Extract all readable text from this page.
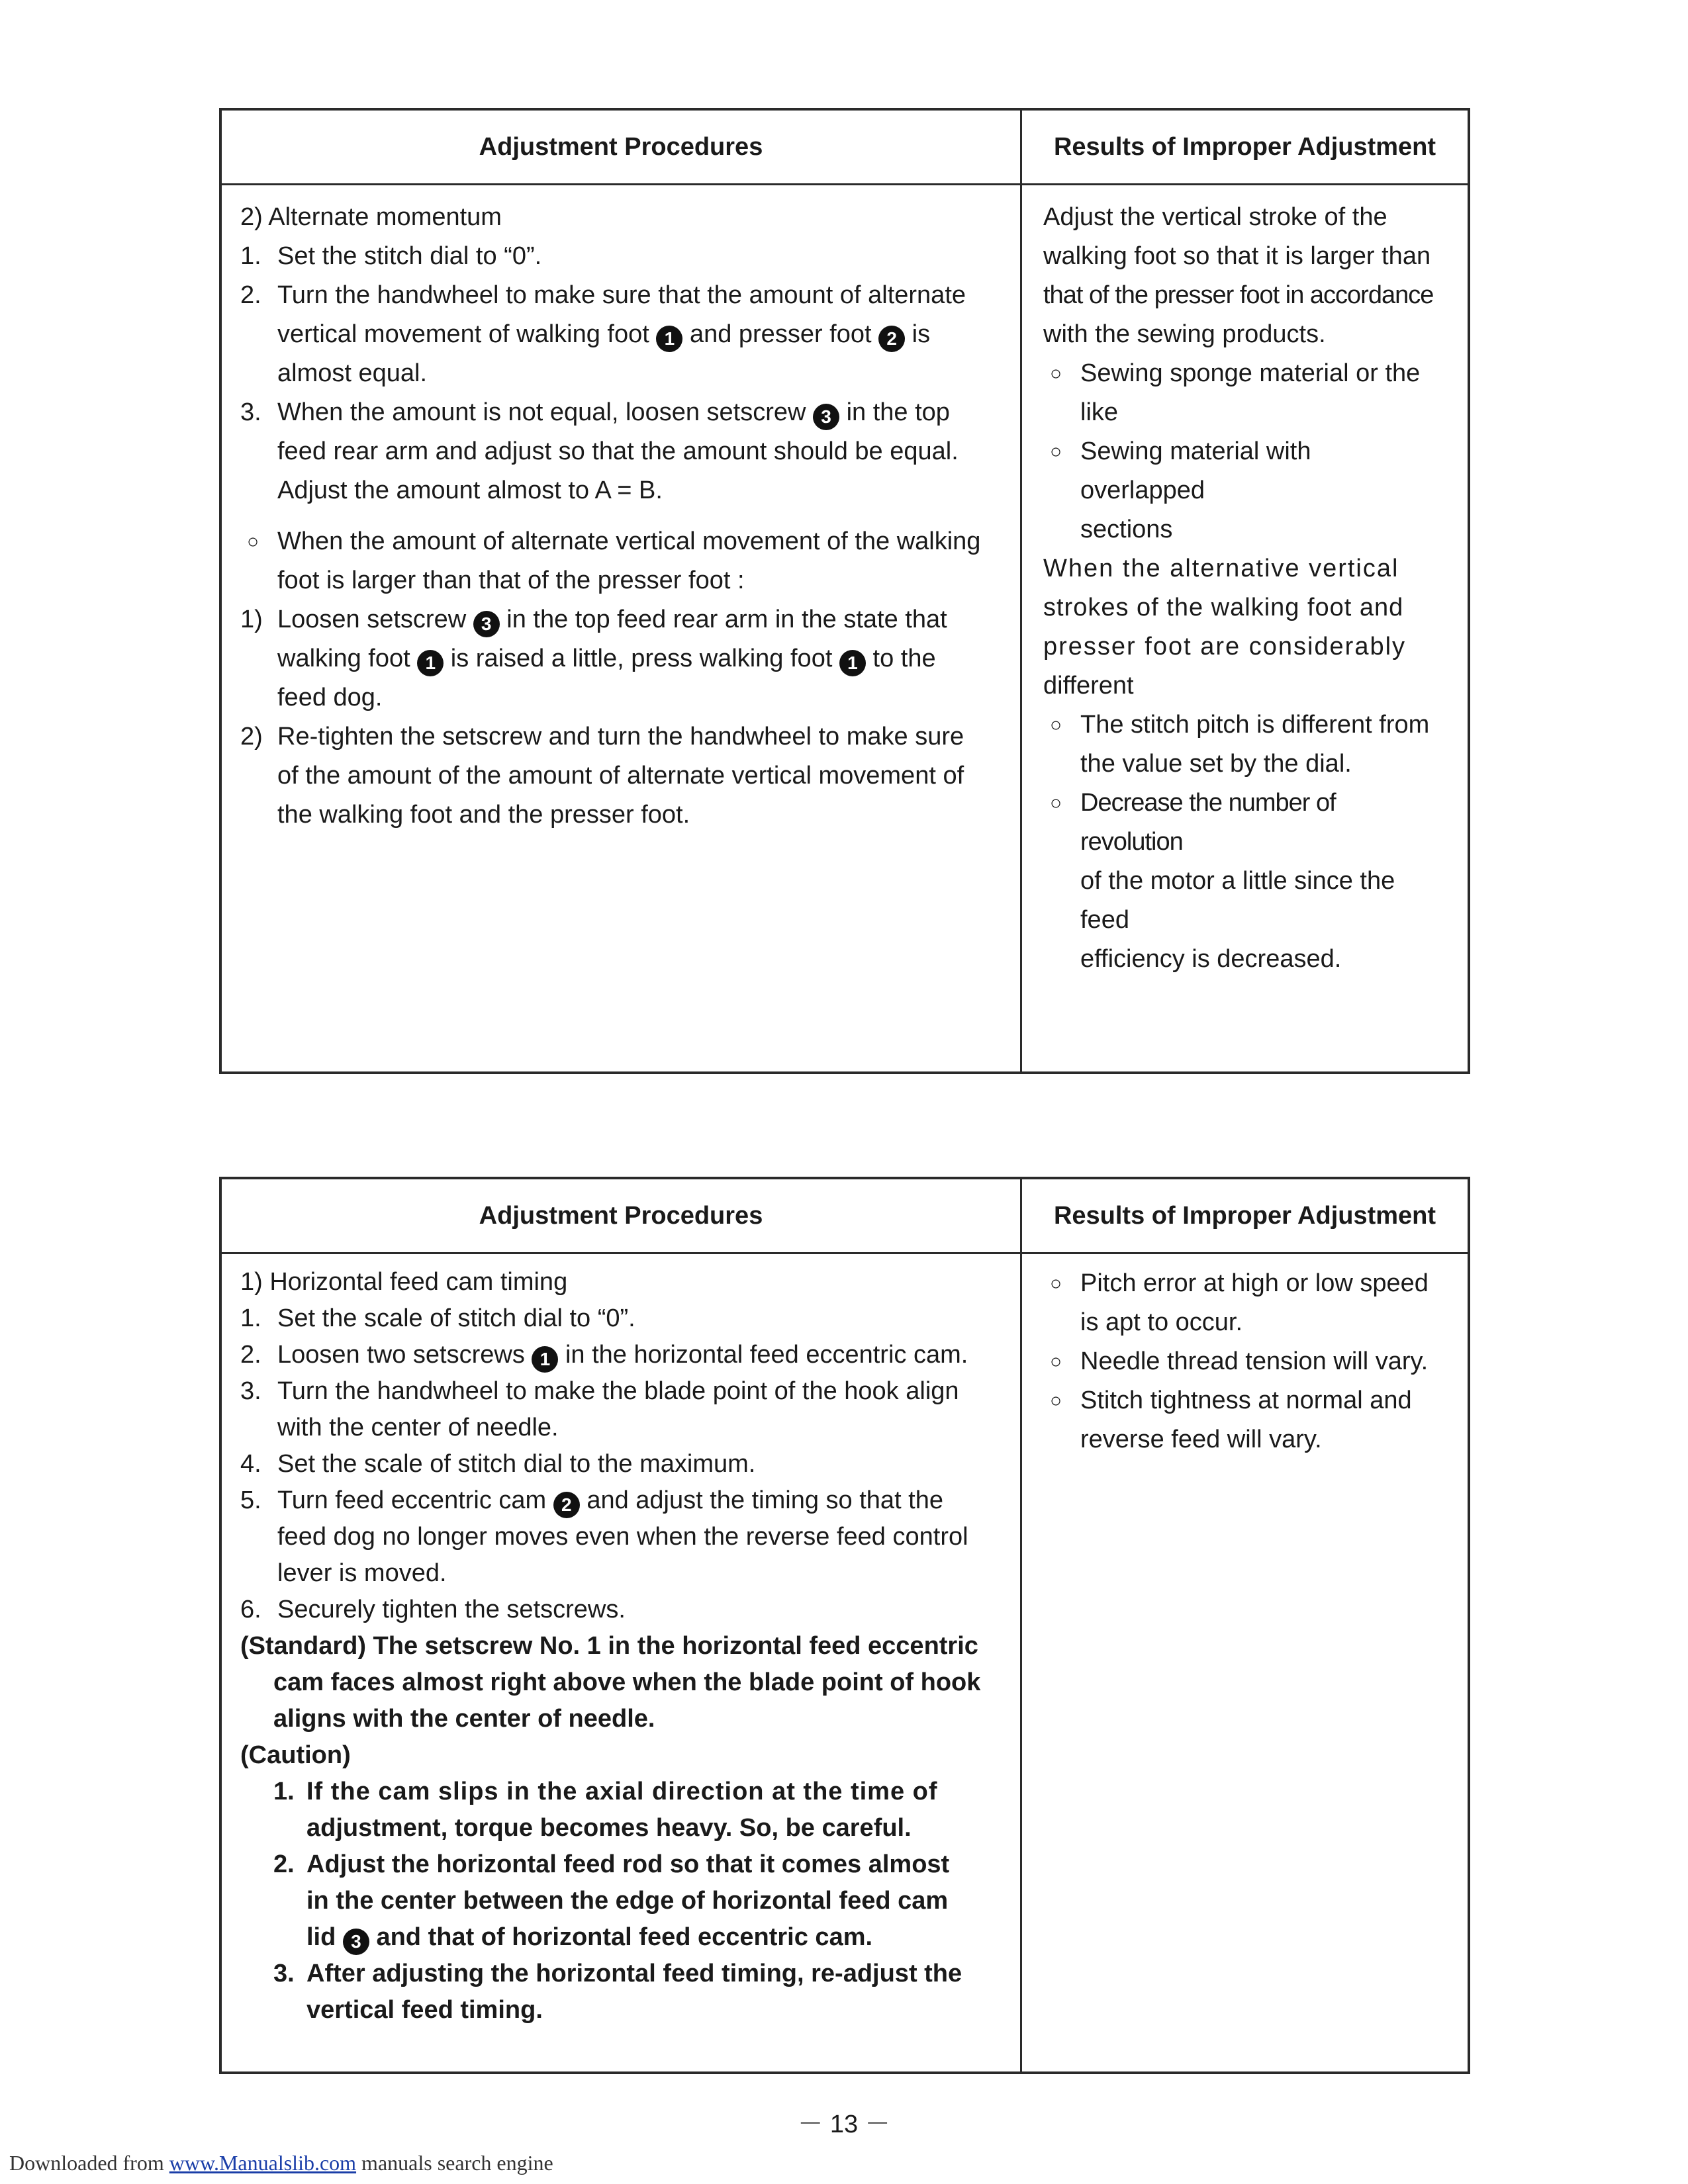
Adjustment Procedures	Results of Improper Adjustment

2) Alternate momentum

1. Set the stitch dial to “0”.

2. Turn the handwheel to make sure that the amount of alternate

vertical movement of walking foot 1 and presser foot 2 is

almost equal.

3. When the amount is not equal, loosen setscrew 3 in the top

feed rear arm and adjust so that the amount should be equal.

Adjust the amount almost to A = B.

○ When the amount of alternate vertical movement of the walking

foot is larger than that of the presser foot :

1) Loosen setscrew 3 in the top feed rear arm in the state that

walking foot 1 is raised a little, press walking foot 1 to the

feed dog.

2) Re-tighten the setscrew and turn the handwheel to make sure

of the amount of the amount of alternate vertical movement of

the walking foot and the presser foot.

Adjust the vertical stroke of the

walking foot so that it is larger than

that of the presser foot in accordance

with the sewing products.

○ Sewing sponge material or the

like

○ Sewing material with overlapped

sections

When the alternative vertical

strokes of the walking foot and

presser foot are considerably

different

○ The stitch pitch is different from

the value set by the dial.

○ Decrease the number of revolution

of the motor a little since the feed

efficiency is decreased.

Adjustment Procedures	Results of Improper Adjustment

1) Horizontal feed cam timing

1. Set the scale of stitch dial to “0”.

2. Loosen two setscrews 1 in the horizontal feed eccentric cam.

3. Turn the handwheel to make the blade point of the hook align

with the center of needle.

4. Set the scale of stitch dial to the maximum.

5. Turn feed eccentric cam 2 and adjust the timing so that the

feed dog no longer moves even when the reverse feed control

lever is moved.

6. Securely tighten the setscrews.

(Standard) The setscrew No. 1 in the horizontal feed eccentric

cam faces almost right above when the blade point of hook

aligns with the center of needle.

(Caution)

1. If the cam slips in the axial direction at the time of

adjustment, torque becomes heavy. So, be careful.

2. Adjust the horizontal feed rod so that it comes almost

in the center between the edge of horizontal feed cam

lid 3 and that of horizontal feed eccentric cam.

3. After adjusting the horizontal feed timing, re-adjust the

vertical feed timing.

○ Pitch error at high or low speed

is apt to occur.

○ Needle thread tension will vary.

○ Stitch tightness at normal and

reverse feed will vary.

－ 13 －
Downloaded from www.Manualslib.com manuals search engine
